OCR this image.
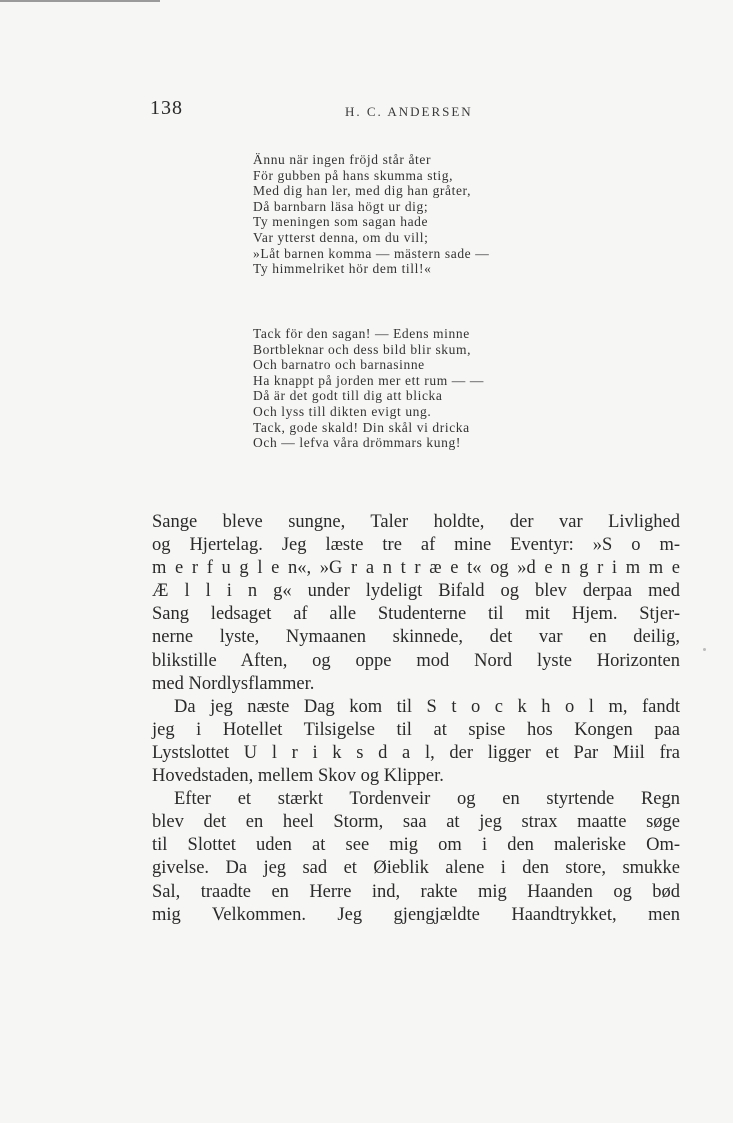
138	H. C. ANDERSEN
Ännu när ingen fröjd står åter
För gubben på hans skumma stig,
Med dig han ler, med dig han gråter,
Då barnbarn läsa högt ur dig;
Ty meningen som sagan hade
Var ytterst denna, om du vill;
»Låt barnen komma — mästern sade —
Ty himmelriket hör dem till!«
Tack för den sagan! — Edens minne
Bortbleknar och dess bild blir skum,
Och barnatro och barnasinne
Ha knappt på jorden mer ett rum — —
Då är det godt till dig att blicka
Och lyss till dikten evigt ung.
Tack, gode skald! Din skål vi dricka
Och — lefva våra drömmars kung!
Sange bleve sungne, Taler holdte, der var Livlighed
og Hjertelag. Jeg læste tre af mine Eventyr: »S o m-
m e r f u g l e n«, »G r a n t r æ e t« og »d e n g r i m m e
Æ l l i n g« under lydeligt Bifald og blev derpaa med
Sang ledsaget af alle Studenterne til mit Hjem. Stjer-
nerne lyste, Nymaanen skinnede, det var en deilig,
blikstille Aften, og oppe mod Nord lyste Horizonten
med Nordlysflammer.
Da jeg næste Dag kom til S t o c k h o l m, fandt
jeg i Hotellet Tilsigelse til at spise hos Kongen paa
Lystslottet U l r i k s d a l, der ligger et Par Miil fra
Hovedstaden, mellem Skov og Klipper.
Efter et stærkt Tordenveir og en styrtende Regn
blev det en heel Storm, saa at jeg strax maatte søge
til Slottet uden at see mig om i den maleriske Om-
givelse. Da jeg sad et Øieblik alene i den store, smukke
Sal, traadte en Herre ind, rakte mig Haanden og bød
mig Velkommen. Jeg gjengjældte Haandtrykket, men
